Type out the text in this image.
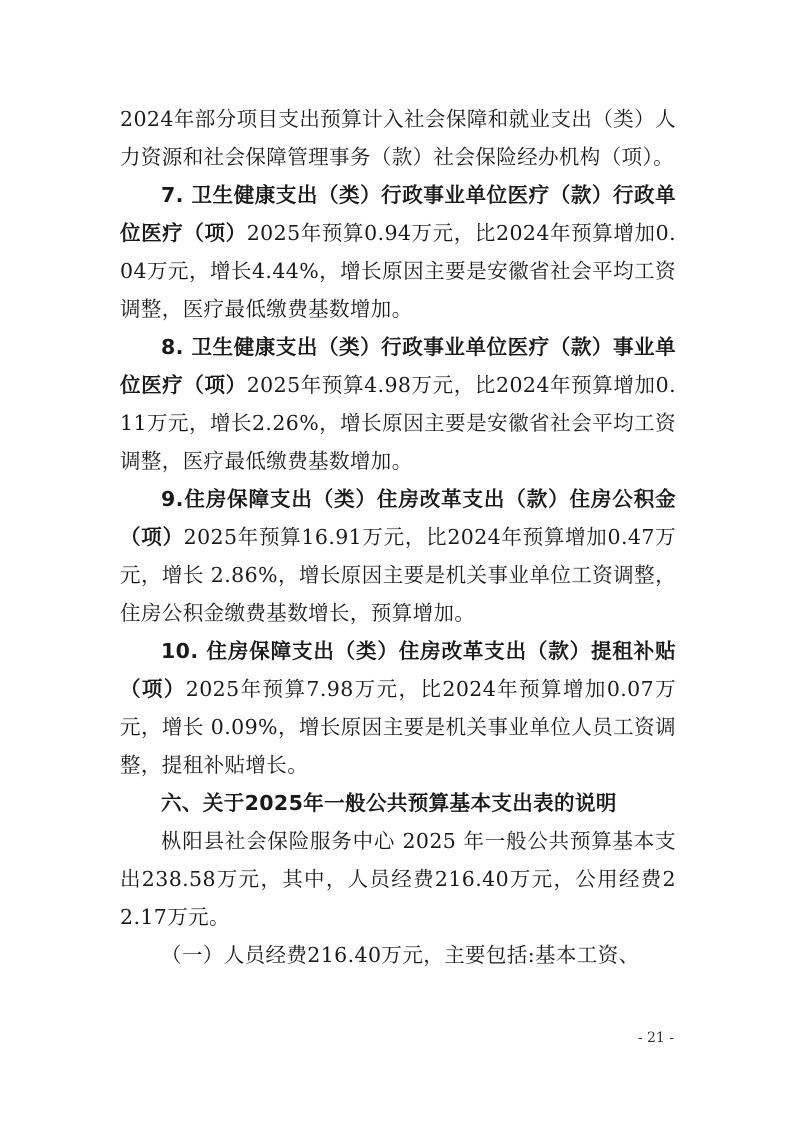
2024年部分项目支出预算计入社会保障和就业支出（类）人力资源和社会保障管理事务（款）社会保险经办机构（项）。

7. 卫生健康支出（类）行政事业单位医疗（款）行政单位医疗（项）2025年预算0.94万元，比2024年预算增加0.04万元，增长4.44%，增长原因主要是安徽省社会平均工资调整，医疗最低缴费基数增加。

8. 卫生健康支出（类）行政事业单位医疗（款）事业单位医疗（项）2025年预算4.98万元，比2024年预算增加0.11万元，增长2.26%，增长原因主要是安徽省社会平均工资调整，医疗最低缴费基数增加。

9.住房保障支出（类）住房改革支出（款）住房公积金（项）2025年预算16.91万元，比2024年预算增加0.47万元，增长 2.86%，增长原因主要是机关事业单位工资调整，住房公积金缴费基数增长，预算增加。

10. 住房保障支出（类）住房改革支出（款）提租补贴（项）2025年预算7.98万元，比2024年预算增加0.07万元，增长 0.09%，增长原因主要是机关事业单位人员工资调整，提租补贴增长。

六、关于2025年一般公共预算基本支出表的说明

枞阳县社会保险服务中心 2025 年一般公共预算基本支出238.58万元，其中，人员经费216.40万元，公用经费22.17万元。

（一）人员经费216.40万元，主要包括:基本工资、

- 21 -
